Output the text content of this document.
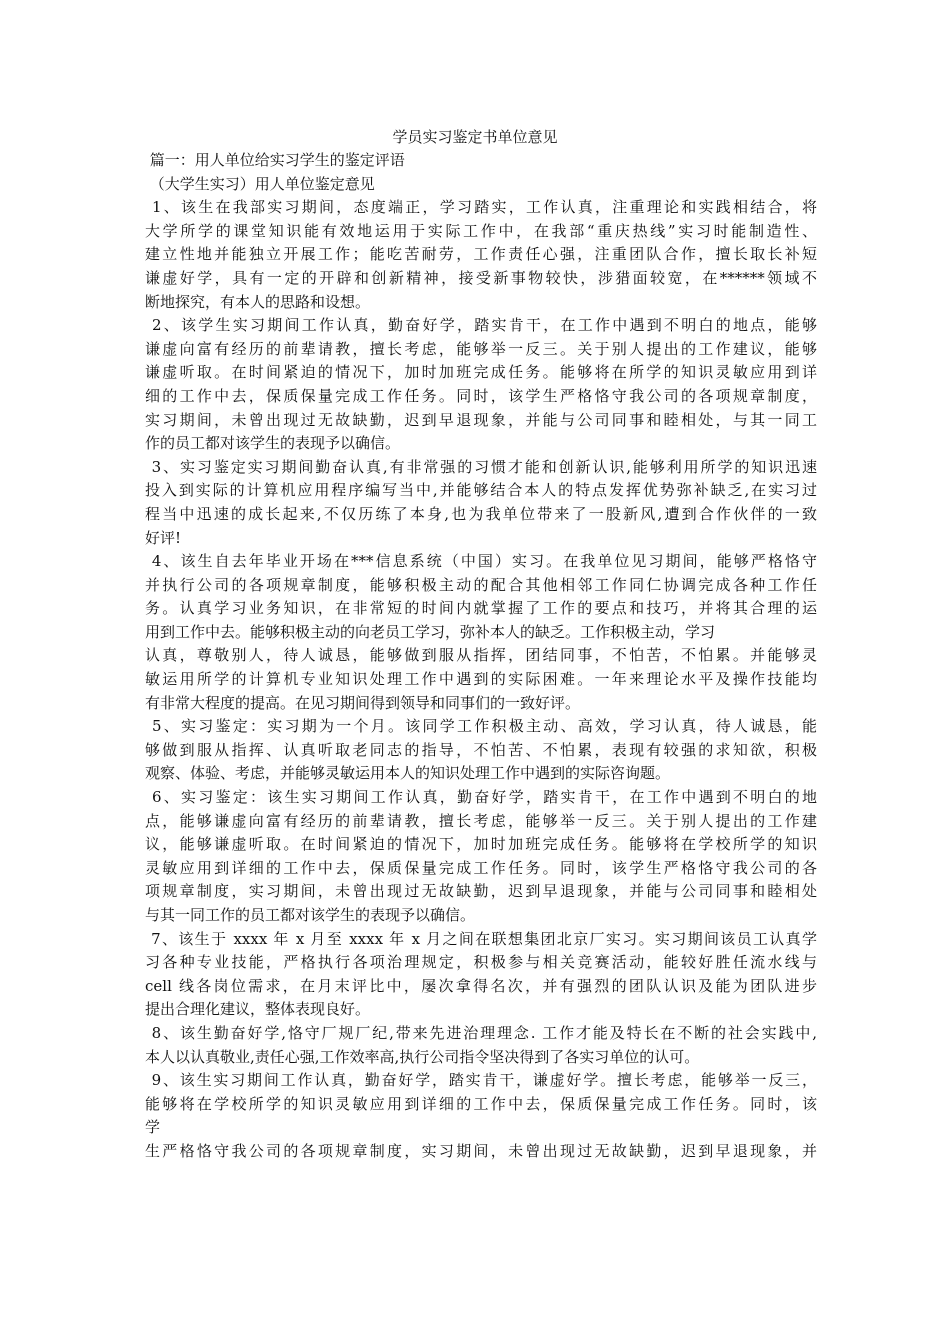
学员实习鉴定书单位意见
篇一：用人单位给实习学生的鉴定评语
（大学生实习）用人单位鉴定意见
1、该生在我部实习期间，态度端正，学习踏实，工作认真，注重理论和实践相结合，将
大学所学的课堂知识能有效地运用于实际工作中，在我部“重庆热线”实习时能制造性、
建立性地并能独立开展工作；能吃苦耐劳，工作责任心强，注重团队合作，擅长取长补短
谦虚好学，具有一定的开辟和创新精神，接受新事物较快，涉猎面较宽，在******领域不
断地探究，有本人的思路和设想。
2、该学生实习期间工作认真，勤奋好学，踏实肯干，在工作中遇到不明白的地点，能够
谦虚向富有经历的前辈请教，擅长考虑，能够举一反三。关于别人提出的工作建议，能够
谦虚听取。在时间紧迫的情况下，加时加班完成任务。能够将在所学的知识灵敏应用到详
细的工作中去，保质保量完成工作任务。同时，该学生严格恪守我公司的各项规章制度，
实习期间，未曾出现过无故缺勤，迟到早退现象，并能与公司同事和睦相处，与其一同工
作的员工都对该学生的表现予以确信。
3、实习鉴定实习期间勤奋认真,有非常强的习惯才能和创新认识,能够利用所学的知识迅速
投入到实际的计算机应用程序编写当中,并能够结合本人的特点发挥优势弥补缺乏,在实习过
程当中迅速的成长起来,不仅历练了本身,也为我单位带来了一股新风,遭到合作伙伴的一致
好评!
4、该生自去年毕业开场在***信息系统（中国）实习。在我单位见习期间，能够严格恪守
并执行公司的各项规章制度，能够积极主动的配合其他相邻工作同仁协调完成各种工作任
务。认真学习业务知识，在非常短的时间内就掌握了工作的要点和技巧，并将其合理的运
用到工作中去。能够积极主动的向老员工学习，弥补本人的缺乏。工作积极主动，学习
认真，尊敬别人，待人诚恳，能够做到服从指挥，团结同事，不怕苦，不怕累。并能够灵
敏运用所学的计算机专业知识处理工作中遇到的实际困难。一年来理论水平及操作技能均
有非常大程度的提高。在见习期间得到领导和同事们的一致好评。
5、实习鉴定：实习期为一个月。该同学工作积极主动、高效，学习认真，待人诚恳，能
够做到服从指挥、认真听取老同志的指导，不怕苦、不怕累，表现有较强的求知欲，积极
观察、体验、考虑，并能够灵敏运用本人的知识处理工作中遇到的实际咨询题。
6、实习鉴定：该生实习期间工作认真，勤奋好学，踏实肯干，在工作中遇到不明白的地
点，能够谦虚向富有经历的前辈请教，擅长考虑，能够举一反三。关于别人提出的工作建
议，能够谦虚听取。在时间紧迫的情况下，加时加班完成任务。能够将在学校所学的知识
灵敏应用到详细的工作中去，保质保量完成工作任务。同时，该学生严格恪守我公司的各
项规章制度，实习期间，未曾出现过无故缺勤，迟到早退现象，并能与公司同事和睦相处
与其一同工作的员工都对该学生的表现予以确信。
7、该生于 xxxx 年 x 月至 xxxx 年 x 月之间在联想集团北京厂实习。实习期间该员工认真学
习各种专业技能，严格执行各项治理规定，积极参与相关竞赛活动，能较好胜任流水线与
cell 线各岗位需求，在月末评比中，屡次拿得名次，并有强烈的团队认识及能为团队进步
提出合理化建议，整体表现良好。
8、该生勤奋好学,恪守厂规厂纪,带来先进治理理念. 工作才能及特长在不断的社会实践中,
本人以认真敬业,责任心强,工作效率高,执行公司指令坚决得到了各实习单位的认可。
9、该生实习期间工作认真，勤奋好学，踏实肯干，谦虚好学。擅长考虑，能够举一反三，
能够将在学校所学的知识灵敏应用到详细的工作中去，保质保量完成工作任务。同时，该
学
生严格恪守我公司的各项规章制度，实习期间，未曾出现过无故缺勤，迟到早退现象，并
